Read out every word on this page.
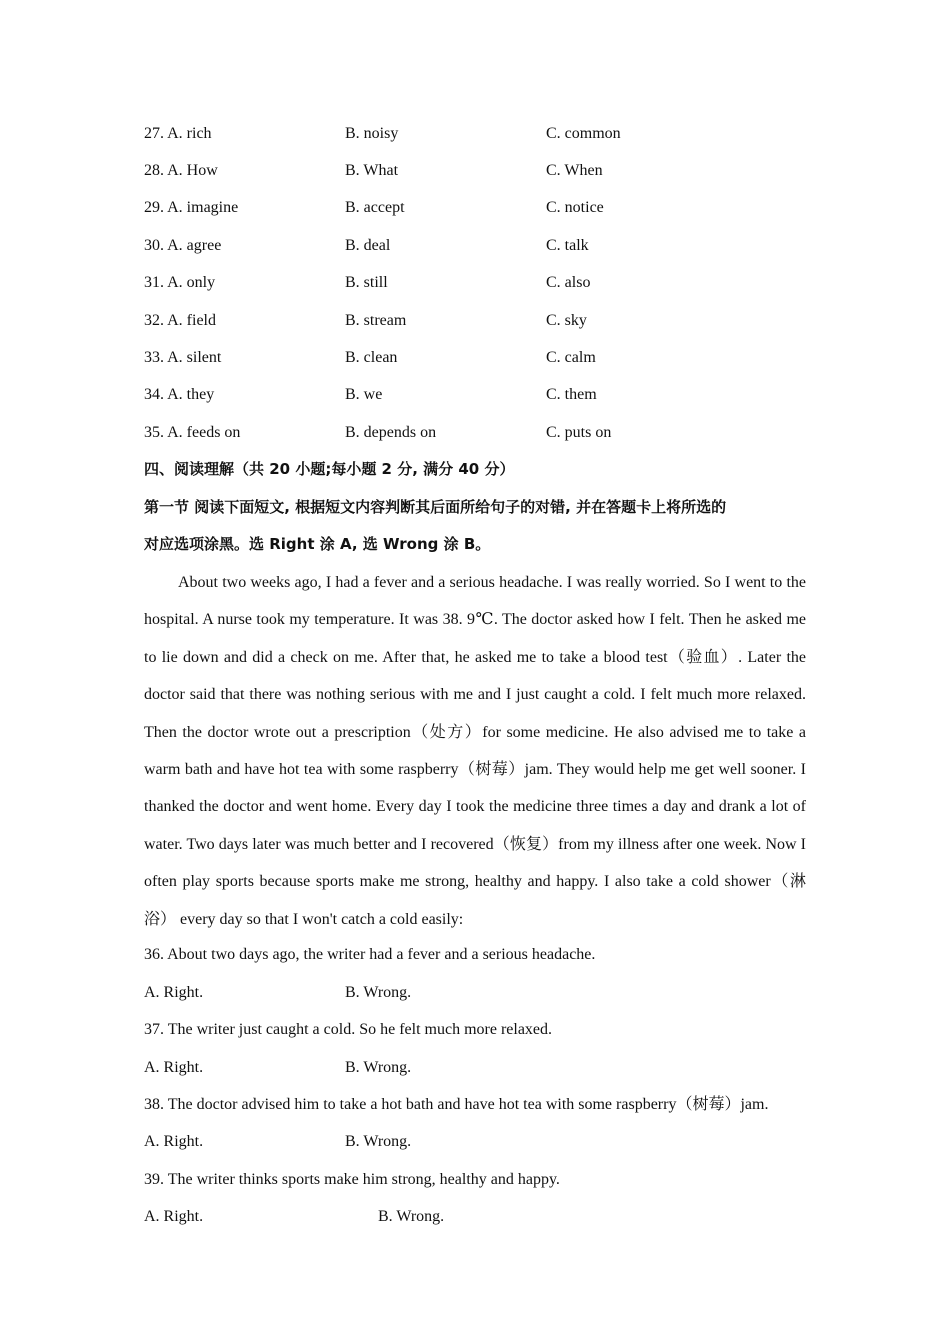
27. A. rich	B. noisy	C. common
28. A. How	B. What	C. When
29. A. imagine	B. accept	C. notice
30. A. agree	B. deal	C. talk
31. A. only	B. still	C. also
32. A. field	B. stream	C. sky
33. A. silent	B. clean	C. calm
34. A. they	B. we	C. them
35. A. feeds on	B. depends on	C. puts on
四、阅读理解（共 20 小题;每小题 2 分, 满分 40 分）
第一节 阅读下面短文, 根据短文内容判断其后面所给句子的对错, 并在答题卡上将所选的
对应选项涂黑。选 Right 涂 A, 选 Wrong 涂 B。
About two weeks ago, I had a fever and a serious headache. I was really worried. So I went to the hospital. A nurse took my temperature. It was 38. 9℃. The doctor asked how I felt. Then he asked me to lie down and did a check on me. After that, he asked me to take a blood test（验血）. Later the doctor said that there was nothing serious with me and I just caught a cold. I felt much more relaxed. Then the doctor wrote out a prescription（处方）for some medicine. He also advised me to take a warm bath and have hot tea with some raspberry（树莓）jam. They would help me get well sooner. I thanked the doctor and went home. Every day I took the medicine three times a day and drank a lot of water. Two days later was much better and I recovered（恢复）from my illness after one week. Now I often play sports because sports make me strong, healthy and happy. I also take a cold shower（淋浴） every day so that I won't catch a cold easily:
36. About two days ago, the writer had a fever and a serious headache.
A. Right.	B. Wrong.
37. The writer just caught a cold. So he felt much more relaxed.
A. Right.	B. Wrong.
38. The doctor advised him to take a hot bath and have hot tea with some raspberry（树莓）jam.
A. Right.	B. Wrong.
39. The writer thinks sports make him strong, healthy and happy.
A. Right.	B. Wrong.
